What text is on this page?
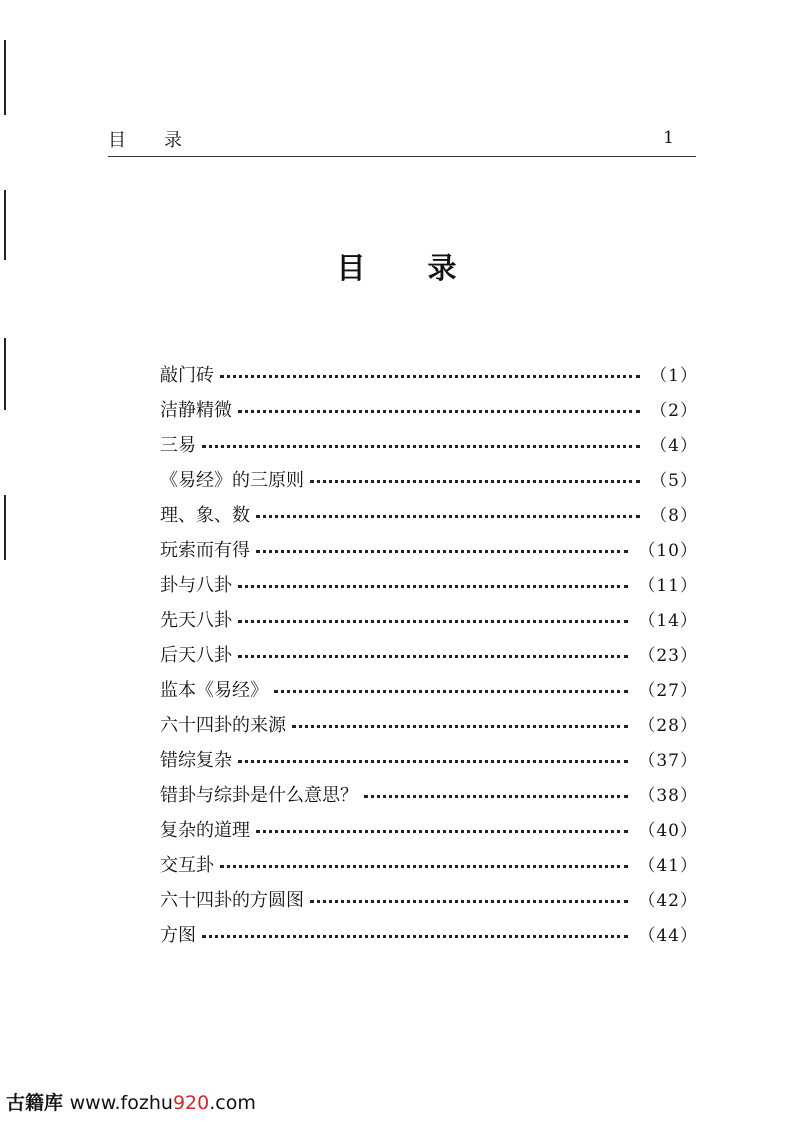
目录	1
目录
敲门砖	（1）
洁静精微	（2）
三易	（4）
《易经》的三原则	（5）
理、象、数	（8）
玩索而有得	（10）
卦与八卦	（11）
先天八卦	（14）
后天八卦	（23）
监本《易经》	（27）
六十四卦的来源	（28）
错综复杂	（37）
错卦与综卦是什么意思？	（38）
复杂的道理	（40）
交互卦	（41）
六十四卦的方圆图	（42）
方图	（44）
古籍库 www.fozhu920.com
